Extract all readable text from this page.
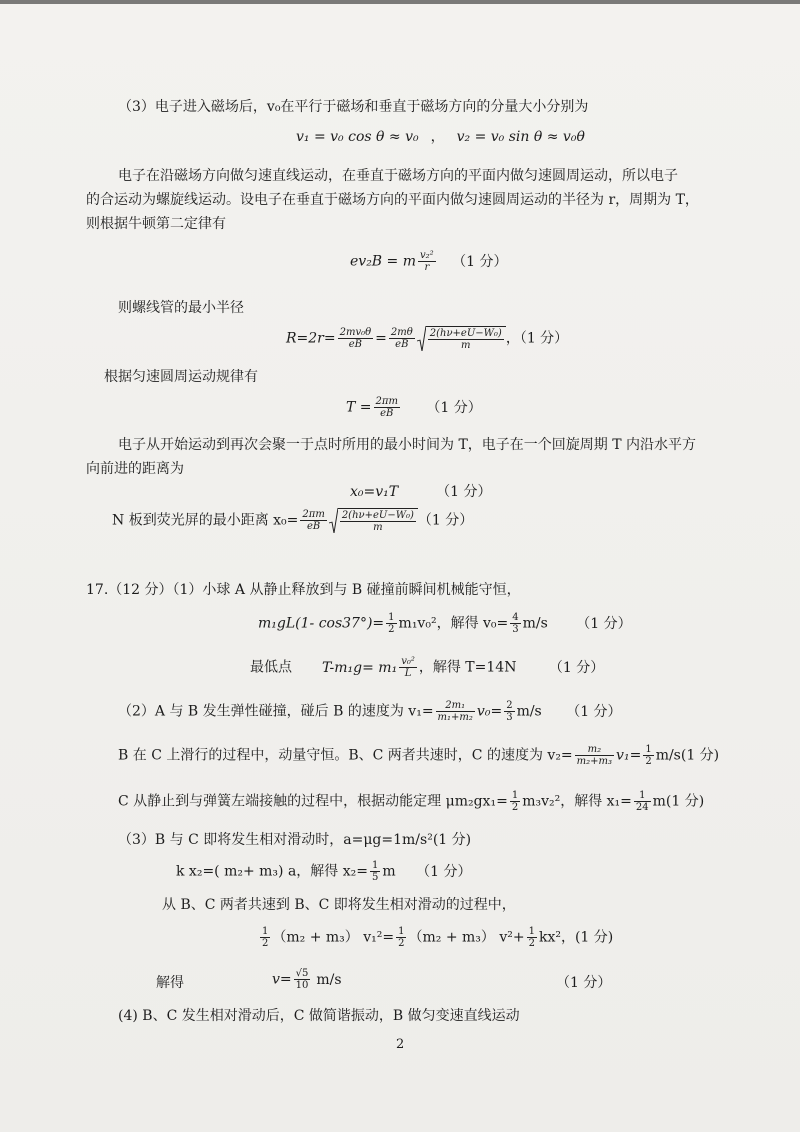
（3）电子进入磁场后，v₀在平行于磁场和垂直于磁场方向的分量大小分别为
v₁ = v₀ cos θ ≈ v₀ ， v₂ = v₀ sin θ ≈ v₀θ
电子在沿磁场方向做匀速直线运动，在垂直于磁场方向的平面内做匀速圆周运动，所以电子
的合运动为螺旋线运动。设电子在垂直于磁场方向的平面内做匀速圆周运动的半径为 r，周期为 T，
则根据牛顿第二定律有
ev₂B = m $\frac{\text{v₂²}}{r} (1$ 分）
则螺线管的最小半径
$R=2r= \frac{\text{2mv₀θ}}{eB} = \frac{2m\theta}{eB} \frac{\text{2(hν+eU−W₀)}}{m}$ ，（1 分）
根据匀速圆周运动规律有
$T = \frac{2\pi m}{eB} (1$ 分）
电子从开始运动到再次会聚一于点时所用的最小时间为 T，电子在一个回旋周期 T 内沿水平方
向前进的距离为
x₀=v₁T	（1 分）
N 板到荧光屏的最小距离 $x_0= \frac{2\pi m}{eB} \frac{\text{2(hν+eU−W₀)}}{m} (1$ 分）
17.（12 分）（1）小球 A 从静止释放到与 B 碰撞前瞬间机械能守恒，
m₁gL(1- $\cos 37^\circ)= \frac{1}{2} m_1v_0^2$，解得 $v_0= \frac{4}{3} m/s$ （1 分）
最低点 $T-m_1g= m_1 \frac{\text{v₀²}}{L}$ ，解得 T=14N （1 分）
（2）A 与 B 发生弹性碰撞，碰后 B 的速度为 $v_1= \frac{\text{2m₁}}{\text{m₁+m₂}} v_0= \frac{2}{3} m/s$ （1 分）
B 在 C 上滑行的过程中，动量守恒。B、C 两者共速时，C 的速度为 $v_2= \frac{\text{m₂}}{\text{m₂+m₃}} v_1= \frac{1}{2} m/s(1$ 分)
C 从静止到与弹簧左端接触的过程中，根据动能定理 $\mu m_2gx_1= \frac{1}{2} m_3v_2^2$，解得 $x_1= \frac{1}{24} m(1$ 分)
（3）B 与 C 即将发生相对滑动时，a=μg=1m/s²(1 分)
k x₂=( m₂+ m₃) a，解得 $x_2= \frac{1}{5}$ m （1 分）
从 B、C 两者共速到 B、C 即将发生相对滑动的过程中，
$\frac{1}{2} (m_2 + m_3)$ $v_1^2= \frac{1}{2} (m_2 + m_3)$ $v^2+ \frac{1}{2} kx^2$，(1 分)
解得	$v= \frac{√5}{10} m/s$	（1 分）
(4) B、C 发生相对滑动后，C 做简谐振动，B 做匀变速直线运动
2
